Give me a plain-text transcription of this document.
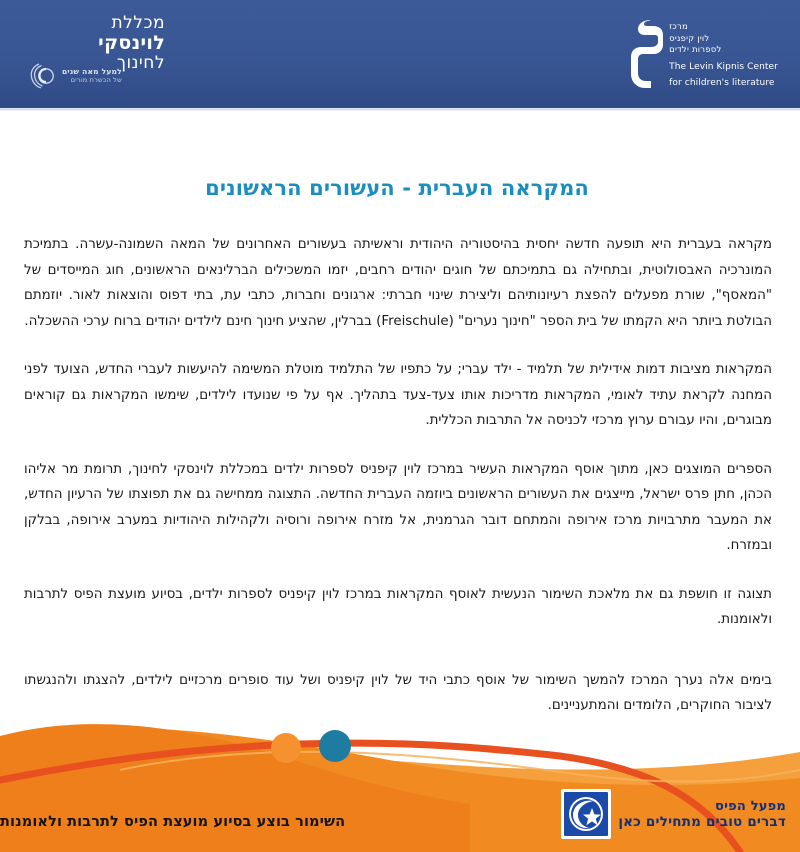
מכללת
לוינסקי
לחינוך
למעל מאה שנים
של הכשרת מורים
מרכז
לוין קיפניס
לספרות ילדים
The Levin Kipnis Center
for children's literature
המקראה העברית - העשורים הראשונים

מקראה בעברית היא תופעה חדשה יחסית בהיסטוריה היהודית וראשיתה בעשורים האחרונים של המאה השמונה-עשרה. בתמיכת המונרכיה האבסולוטית, ובתחילה גם בתמיכתם של חוגים יהודים רחבים, יזמו המשכילים הברלינאים הראשונים, חוג המייסדים של "המאסף", שורת מפעלים להפצת רעיונותיהם וליצירת שינוי חברתי: ארגונים וחברות, כתבי עת, בתי דפוס והוצאות לאור. יוזמתם הבולטת ביותר היא הקמתו של בית הספר "חינוך נערים" (Freischule) בברלין, שהציע חינוך חינם לילדים יהודים ברוח ערכי ההשכלה.

המקראות מציבות דמות אידילית של תלמיד - ילד עברי; על כתפיו של התלמיד מוטלת המשימה להיעשות לעברי החדש, הצועד לפני המחנה לקראת עתיד לאומי, המקראות מדריכות אותו צעד-צעד בתהליך. אף על פי שנועדו לילדים, שימשו המקראות גם קוראים מבוגרים, והיו עבורם ערוץ מרכזי לכניסה אל התרבות הכללית.

הספרים המוצגים כאן, מתוך אוסף המקראות העשיר במרכז לוין קיפניס לספרות ילדים במכללת לוינסקי לחינוך, תרומת מר אליהו הכהן, חתן פרס ישראל, מייצגים את העשורים הראשונים ביוזמה העברית החדשה. התצוגה ממחישה גם את תפוצתו של הרעיון החדש, את המעבר מתרבויות מרכז אירופה והמתחם דובר הגרמנית, אל מזרח אירופה ורוסיה ולקהילות היהודיות במערב אירופה, בבלקן ובמזרח.

תצוגה זו חושפת גם את מלאכת השימור הנעשית לאוסף המקראות במרכז לוין קיפניס לספרות ילדים, בסיוע מועצת הפיס לתרבות ולאומנות.

בימים אלה נערך המרכז להמשך השימור של אוסף כתבי היד של לוין קיפניס ושל עוד סופרים מרכזיים לילדים, להצגתו ולהנגשתו לציבור החוקרים, הלומדים והמתעניינים.

השימור בוצע בסיוע מועצת הפיס לתרבות ולאומנות
מפעל הפיס
דברים טובים מתחילים כאן
